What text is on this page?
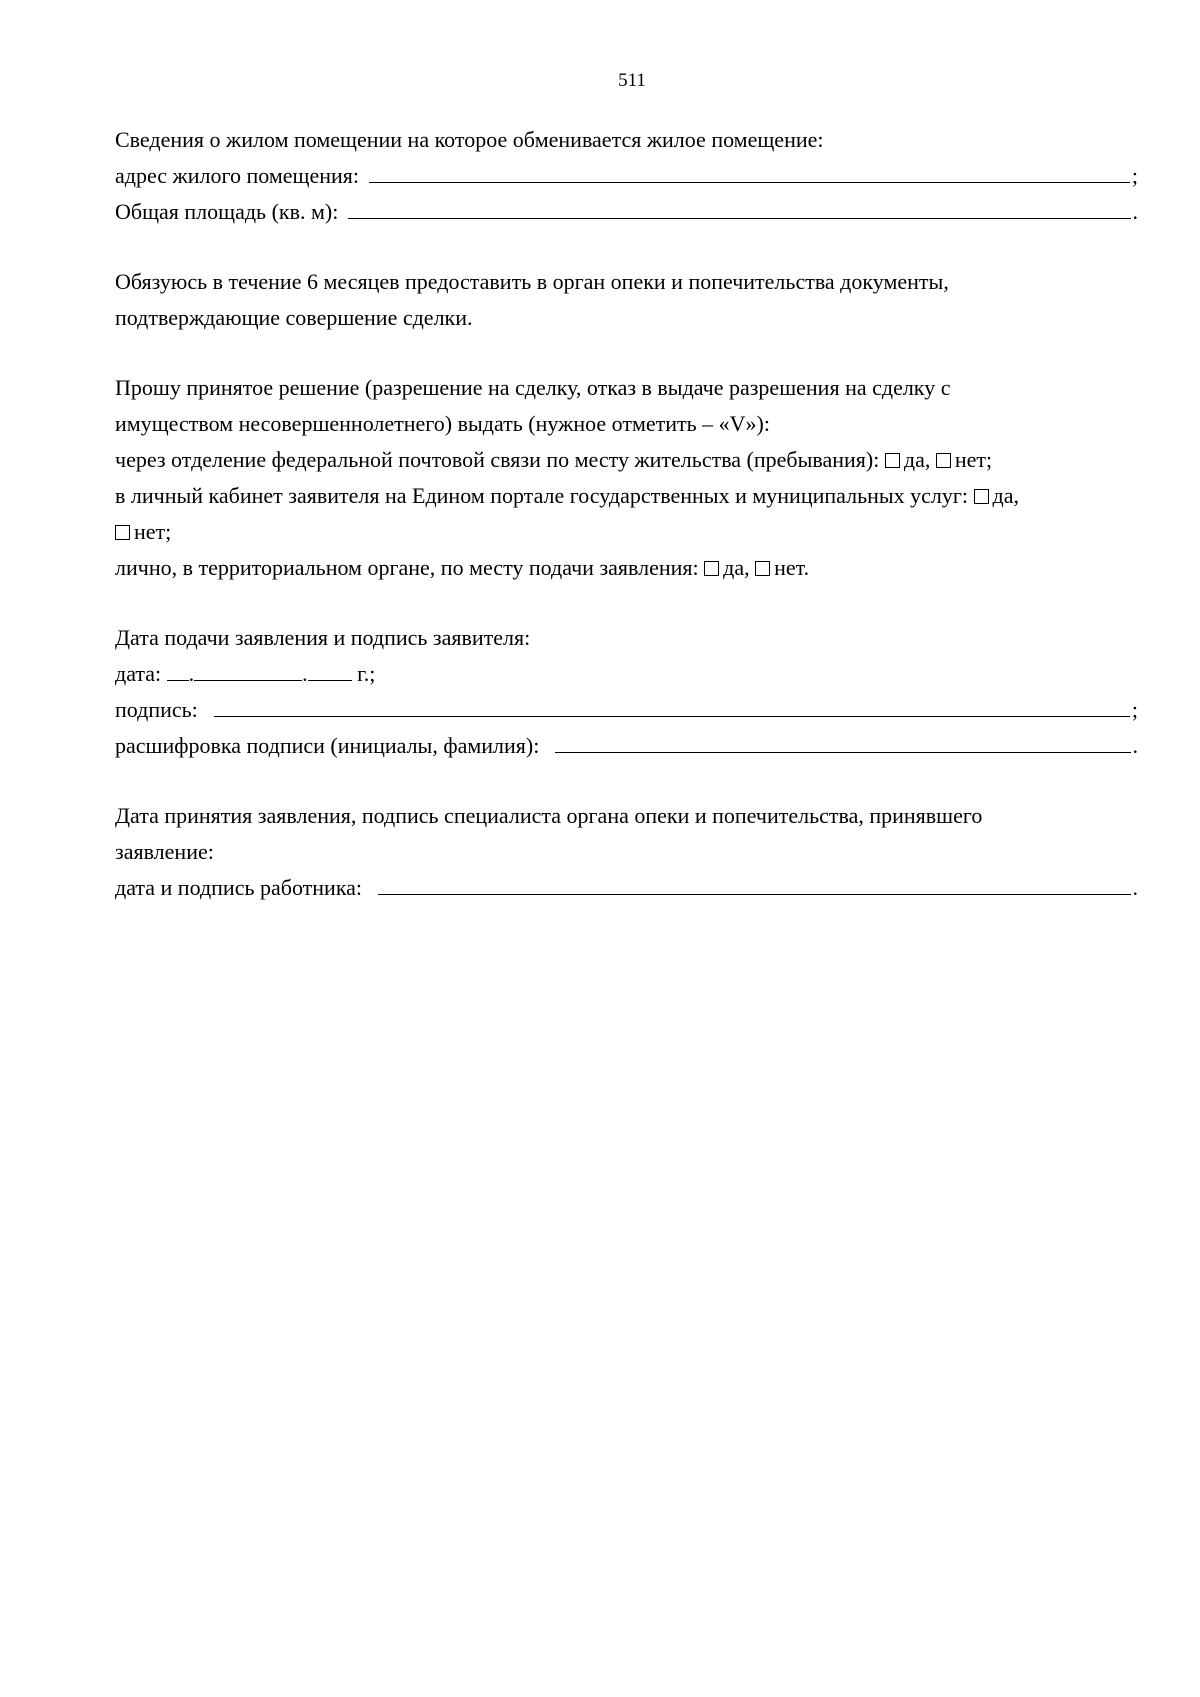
511
Сведения о жилом помещении на которое обменивается жилое помещение:
адрес жилого помещения:	;
Общая площадь (кв. м):	.
Обязуюсь в течение 6 месяцев предоставить в орган опеки и попечительства документы,
подтверждающие совершение сделки.
Прошу принятое решение (разрешение на сделку, отказ в выдаче разрешения на сделку с
имуществом несовершеннолетнего) выдать (нужное отметить – «V»):
через отделение федеральной почтовой связи по месту жительства (пребывания): да, нет;
в личный кабинет заявителя на Едином портале государственных и муниципальных услуг: да,
нет;
лично, в территориальном органе, по месту подачи заявления: да, нет.
Дата подачи заявления и подпись заявителя:
дата: .	. г.;
подпись:	;
расшифровка подписи (инициалы, фамилия):	.
Дата принятия заявления, подпись специалиста органа опеки и попечительства, принявшего
заявление:
дата и подпись работника:	.
